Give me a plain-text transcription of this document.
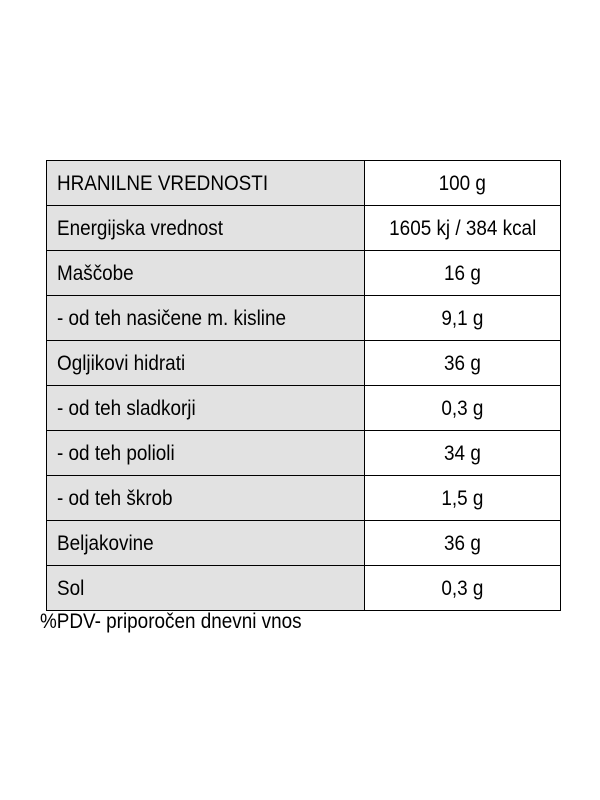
HRANILNE VREDNOSTI	100 g
Energijska vrednost	1605 kj / 384 kcal
Maščobe	16 g
- od teh nasičene m. kisline	9,1 g
Ogljikovi hidrati	36 g
- od teh sladkorji	0,3 g
- od teh polioli	34 g
- od teh škrob	1,5 g
Beljakovine	36 g
Sol	0,3 g
%PDV- priporočen dnevni vnos
